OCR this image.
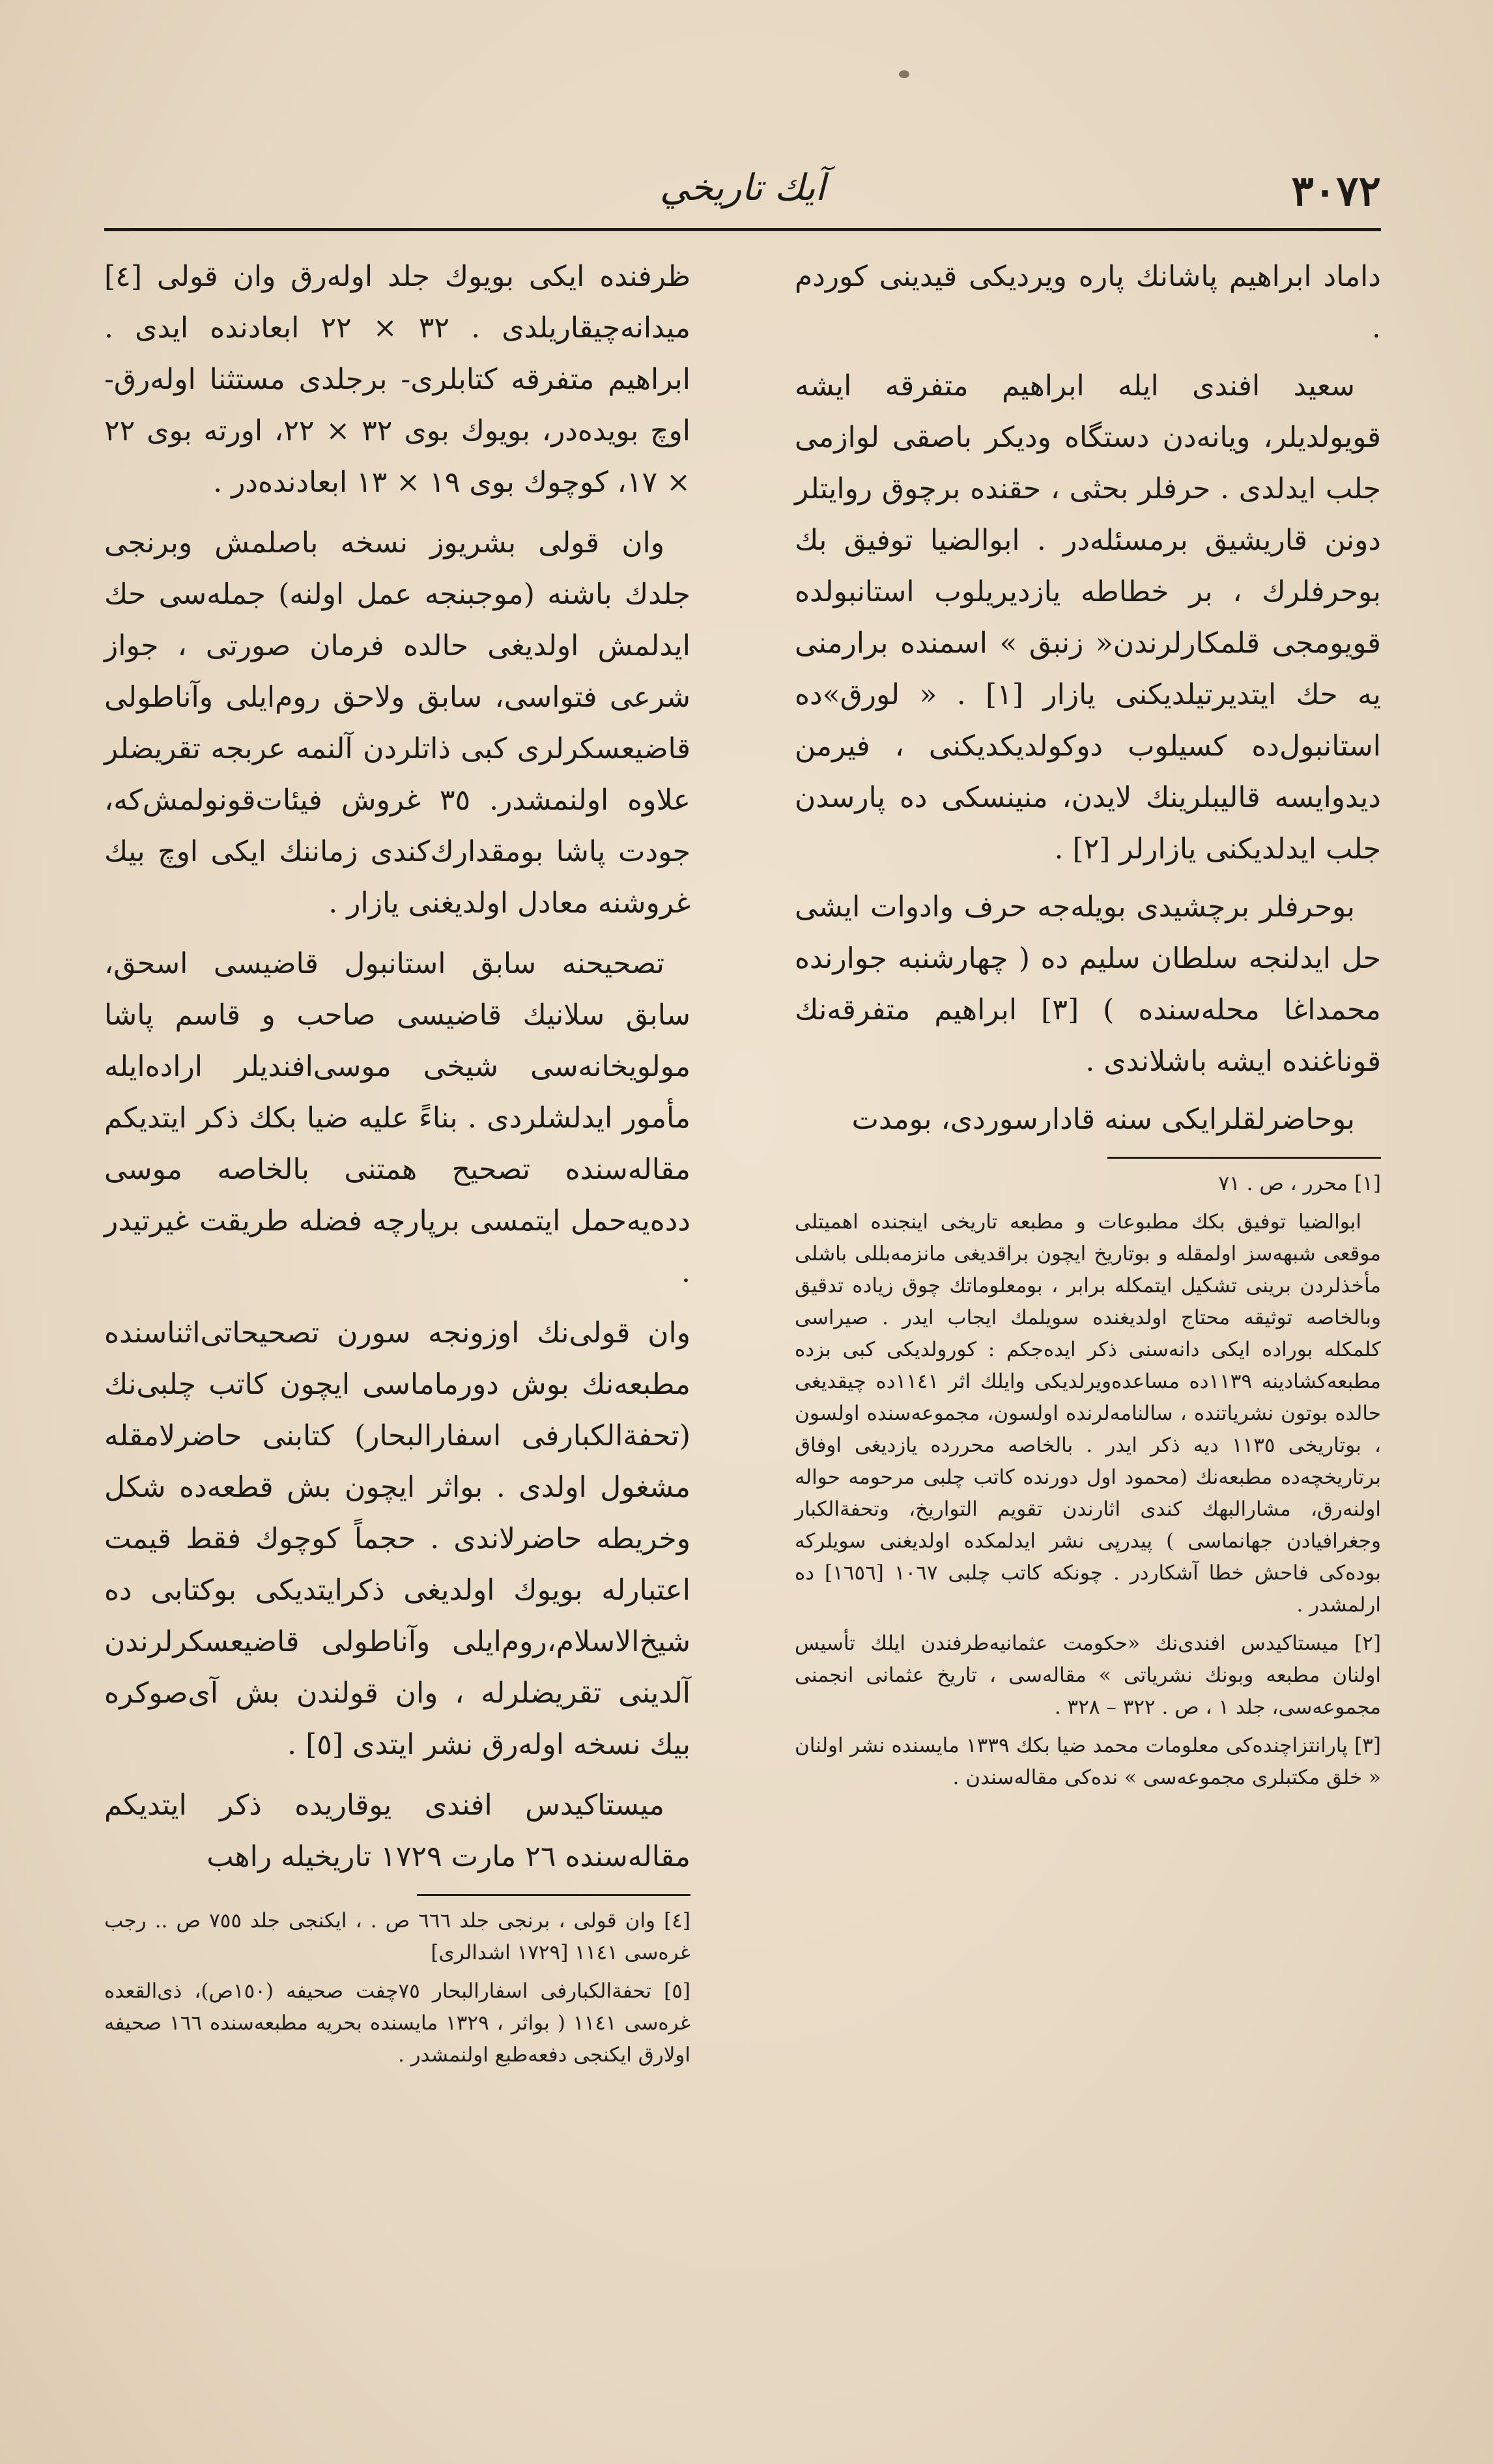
٣٠٧٢
آيك تاريخي

داماد ابراهيم پاشانك پاره ويرديكى قيدينى كوردم .

سعيد افندى ايله ابراهيم متفرقه ايشه قويولديلر، ويانه‌دن دستگاه وديكر باصقى لوازمى جلب ايدلدى . حرفلر بحثى ، حقنده برچوق روايتلر دونن قاريشيق برمسئله‌در . ابوالضيا توفيق بك بوحرفلرك ، بر خطاطه يازديريلوب استانبولده قويومجى قلمكارلرندن« زنبق » اسمنده برارمنى يه حك ايتديرتيلديكنى يازار [١] . « لورق»‌ده استانبول‌ده كسيلوب دوكولديكديكنى ، فيرمن ديدوايسه قاليبلرينك لايدن، منينسكى ده پارسدن جلب ايدلديكنى يازارلر [٢] .

بوحرفلر برچشيدى بويله‌جه حرف وادوات ايشى حل ايدلنجه سلطان سليم ده ( چهارشنبه جوارنده محمداغا محله‌سنده ) [٣] ابراهيم متفرقه‌نك قوناغنده ايشه باشلاندى .

بوحاضرلقلرايكى سنه قادارسوردى، بومدت

[١] محرر ، ص . ٧١

ابوالضيا توفيق بكك مطبوعات و مطبعه تاريخى اينجنده اهميتلى موقعى شبهه‌سز اولمقله و بوتاريخ ايچون براقديغى مانزمه‌بللى باشلى مأخذلردن برينى تشكيل ايتمكله برابر ، بومعلوماتك چوق زياده تدقيق وبالخاصه توثيقه محتاج اولديغنده سويلمك ايجاب ايدر . صيراسى كلمكله بوراده ايكى دانه‌سنى ذكر ايده‌جكم : كورولديكى كبى بزده مطبعه‌كشادينه ١١٣٩ده مساعده‌ويرلديكى وايلك اثر ١١٤١ده چيقديغى حالده بوتون نشرياتنده ، سالنامه‌لرنده اولسون، مجموعه‌سنده اولسون ، بوتاريخى ١١٣٥ ديه ذكر ايدر . بالخاصه محررده يازديغى اوفاق برتاريخچه‌ده مطبعه‌نك (محمود اول دورنده كاتب چلبى مرحومه حواله اولنه‌رق، مشارالبهك كندى اثارندن تقويم التواريخ، وتحفةالكبار وجغرافيادن جهانماسى ) پيدرپى نشر ايدلمكده اولديغنى سويلركه بوده‌كى فاحش خطا آشكاردر . چونكه كاتب چلبى ١٠٦٧ [١٦٥٦] ده ارلمشدر .

[٢] ميستاكيدس افندى‌نك «حكومت عثمانيه‌طرفندن ايلك تأسيس اولنان مطبعه وبونك نشرياتى » مقاله‌سى ، تاريخ عثمانى انجمنى مجموعه‌سى، جلد ١ ، ص . ٣٢٢ – ٣٢٨ .

[٣] پارانتزاچنده‌كى معلومات محمد ضيا بكك ١٣٣٩ مايسنده نشر اولنان « خلق مكتبلرى مجموعه‌سى » نده‌كى مقاله‌سندن .

ظرفنده ايكى بويوك جلد اوله‌رق وان قولى [٤] ميدانه‌چيقاريلدى . ٣٢ × ٢٢ ابعادنده ايدى . ابراهيم متفرقه كتابلرى- برجلدى مستثنا اوله‌رق- اوچ بويده‌در، بويوك بوى ٣٢ × ٢٢، اورته بوى ٢٢ × ١٧، كوچوك بوى ١٩ × ١٣ ابعادنده‌در .

وان قولى بشريوز نسخه باصلمش وبرنجى جلدك باشنه (موجبنجه عمل اولنه) جمله‌سى حك ايدلمش اولديغى حالده فرمان صورتى ، جواز شرعى فتواسى، سابق ولاحق روم‌ايلى وآناطولى قاضيعسكرلرى كبى ذاتلردن آلنمه عربجه تقريضلر علاوه اولنمشدر. ٣٥ غروش فيئات‌قونولمش‌كه، جودت پاشا بومقدارك‌كندى زماننك ايكى اوچ بيك غروشنه معادل اولديغنى يازار .

تصحيحنه سابق استانبول قاضيسى اسحق، سابق سلانيك قاضيسى صاحب و قاسم پاشا مولويخانه‌سى شيخى موسى‌افنديلر اراده‌ايله مأمور ايدلشلردى . بناءً عليه ضيا بكك ذكر ايتديكم مقاله‌سنده تصحيح همتنى بالخاصه موسى دده‌يه‌حمل ايتمسى برپارچه فضله طريقت غيرتيدر .

وان قولى‌نك اوزونجه سورن تصحيحاتى‌اثناسنده مطبعه‌نك بوش دورماماسى ايچون كاتب چلبى‌نك (تحفةالكبارفى اسفارالبحار) كتابنى حاضرلامقله مشغول اولدى . بواثر ايچون بش قطعه‌ده شكل وخريطه حاضرلاندى . حجماً كوچوك فقط قيمت اعتبارله بويوك اولديغى ذكرايتديكى بوكتابى ده شيخ‌الاسلام،روم‌ايلى وآناطولى قاضيعسكرلرندن آلدينى تقريضلرله ، وان قولندن بش آى‌صوكره بيك نسخه اوله‌رق نشر ايتدى [٥] .

ميستاكيدس افندى يوقاريده ذكر ايتديكم مقاله‌سنده ٢٦ مارت ١٧٢٩ تاريخيله راهب

[٤] وان قولى ، برنجى جلد ٦٦٦ ص . ، ايكنجى جلد ٧٥٥ ص .. رجب غره‌سى ١١٤١ [١٧٢٩ اشدالرى]

[٥] تحفةالكبارفى اسفارالبحار ٧٥چفت صحيفه (١٥٠ص)، ذى‌القعده غره‌سى ١١٤١ ( بواثر ، ١٣٢٩ مايسنده بحريه مطبعه‌سنده ١٦٦ صحيفه اولارق ايكنجى دفعه‌طبع اولنمشدر .
